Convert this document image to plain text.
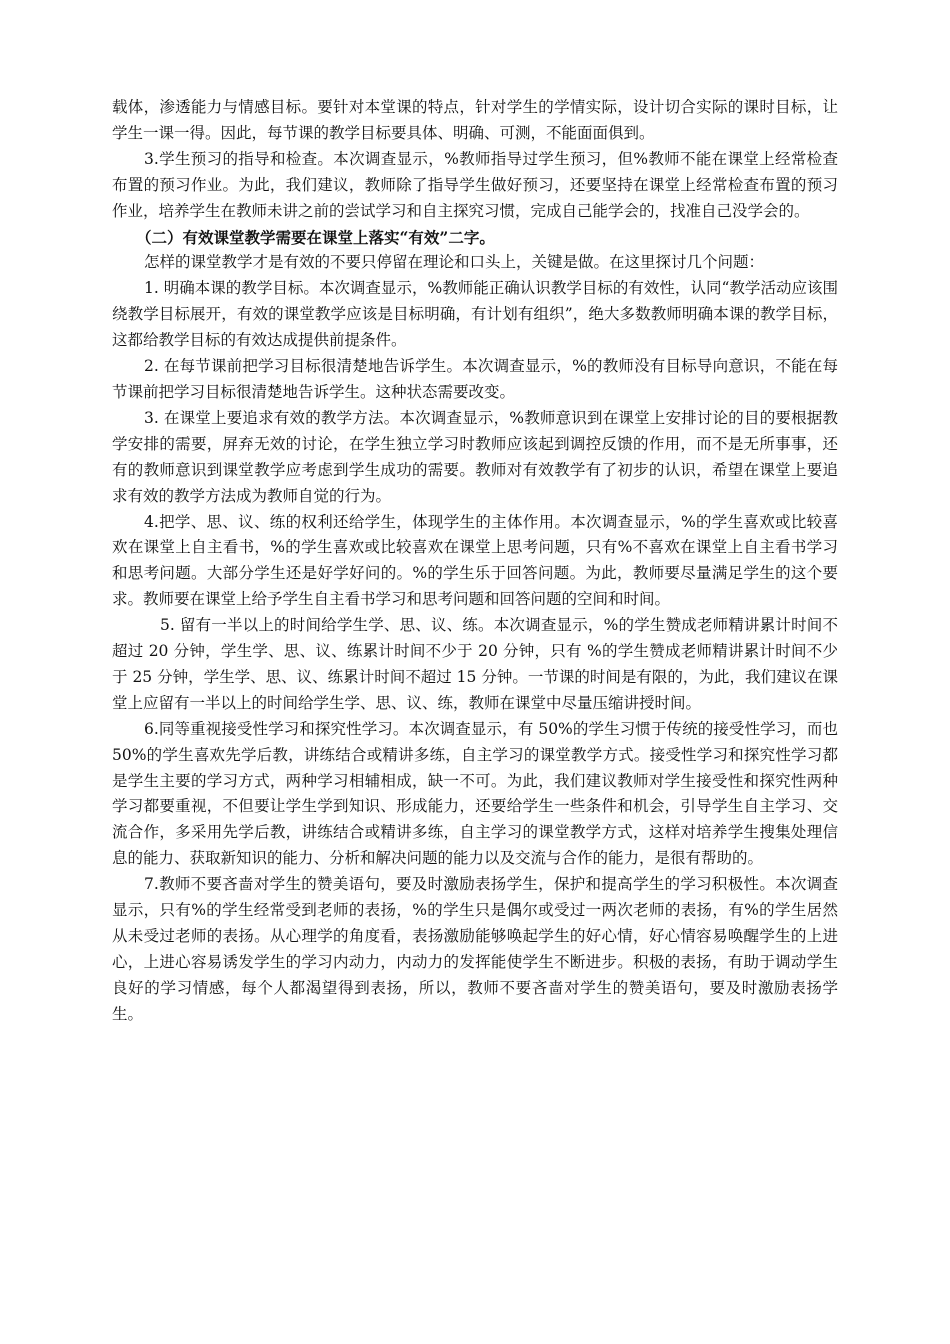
载体，渗透能力与情感目标。要针对本堂课的特点，针对学生的学情实际，设计切合实际的课时目标，让学生一课一得。因此，每节课的教学目标要具体、明确、可测，不能面面俱到。

3.学生预习的指导和检查。本次调查显示，%教师指导过学生预习，但%教师不能在课堂上经常检查布置的预习作业。为此，我们建议，教师除了指导学生做好预习，还要坚持在课堂上经常检查布置的预习作业，培养学生在教师未讲之前的尝试学习和自主探究习惯，完成自己能学会的，找准自己没学会的。

（二）有效课堂教学需要在课堂上落实“有效”二字。

怎样的课堂教学才是有效的不要只停留在理论和口头上，关键是做。在这里探讨几个问题：

1. 明确本课的教学目标。本次调查显示，%教师能正确认识教学目标的有效性，认同“教学活动应该围绕教学目标展开，有效的课堂教学应该是目标明确，有计划有组织”，绝大多数教师明确本课的教学目标，这都给教学目标的有效达成提供前提条件。

2. 在每节课前把学习目标很清楚地告诉学生。本次调查显示，%的教师没有目标导向意识，不能在每节课前把学习目标很清楚地告诉学生。这种状态需要改变。

3. 在课堂上要追求有效的教学方法。本次调查显示，%教师意识到在课堂上安排讨论的目的要根据教学安排的需要，屏弃无效的讨论，在学生独立学习时教师应该起到调控反馈的作用，而不是无所事事，还有的教师意识到课堂教学应考虑到学生成功的需要。教师对有效教学有了初步的认识，希望在课堂上要追求有效的教学方法成为教师自觉的行为。

4.把学、思、议、练的权利还给学生，体现学生的主体作用。本次调查显示，%的学生喜欢或比较喜欢在课堂上自主看书，%的学生喜欢或比较喜欢在课堂上思考问题，只有%不喜欢在课堂上自主看书学习和思考问题。大部分学生还是好学好问的。%的学生乐于回答问题。为此，教师要尽量满足学生的这个要求。教师要在课堂上给予学生自主看书学习和思考问题和回答问题的空间和时间。

5. 留有一半以上的时间给学生学、思、议、练。本次调查显示，%的学生赞成老师精讲累计时间不超过 20 分钟，学生学、思、议、练累计时间不少于 20 分钟，只有 %的学生赞成老师精讲累计时间不少于 25 分钟，学生学、思、议、练累计时间不超过 15 分钟。一节课的时间是有限的，为此，我们建议在课堂上应留有一半以上的时间给学生学、思、议、练，教师在课堂中尽量压缩讲授时间。

6.同等重视接受性学习和探究性学习。本次调查显示，有 50%的学生习惯于传统的接受性学习，而也 50%的学生喜欢先学后教，讲练结合或精讲多练，自主学习的课堂教学方式。接受性学习和探究性学习都是学生主要的学习方式，两种学习相辅相成，缺一不可。为此，我们建议教师对学生接受性和探究性两种学习都要重视，不但要让学生学到知识、形成能力，还要给学生一些条件和机会，引导学生自主学习、交流合作，多采用先学后教，讲练结合或精讲多练，自主学习的课堂教学方式，这样对培养学生搜集处理信息的能力、获取新知识的能力、分析和解决问题的能力以及交流与合作的能力，是很有帮助的。

7.教师不要吝啬对学生的赞美语句，要及时激励表扬学生，保护和提高学生的学习积极性。本次调查显示，只有%的学生经常受到老师的表扬，%的学生只是偶尔或受过一两次老师的表扬，有%的学生居然从未受过老师的表扬。从心理学的角度看，表扬激励能够唤起学生的好心情，好心情容易唤醒学生的上进心，上进心容易诱发学生的学习内动力，内动力的发挥能使学生不断进步。积极的表扬，有助于调动学生良好的学习情感，每个人都渴望得到表扬，所以，教师不要吝啬对学生的赞美语句，要及时激励表扬学生。
